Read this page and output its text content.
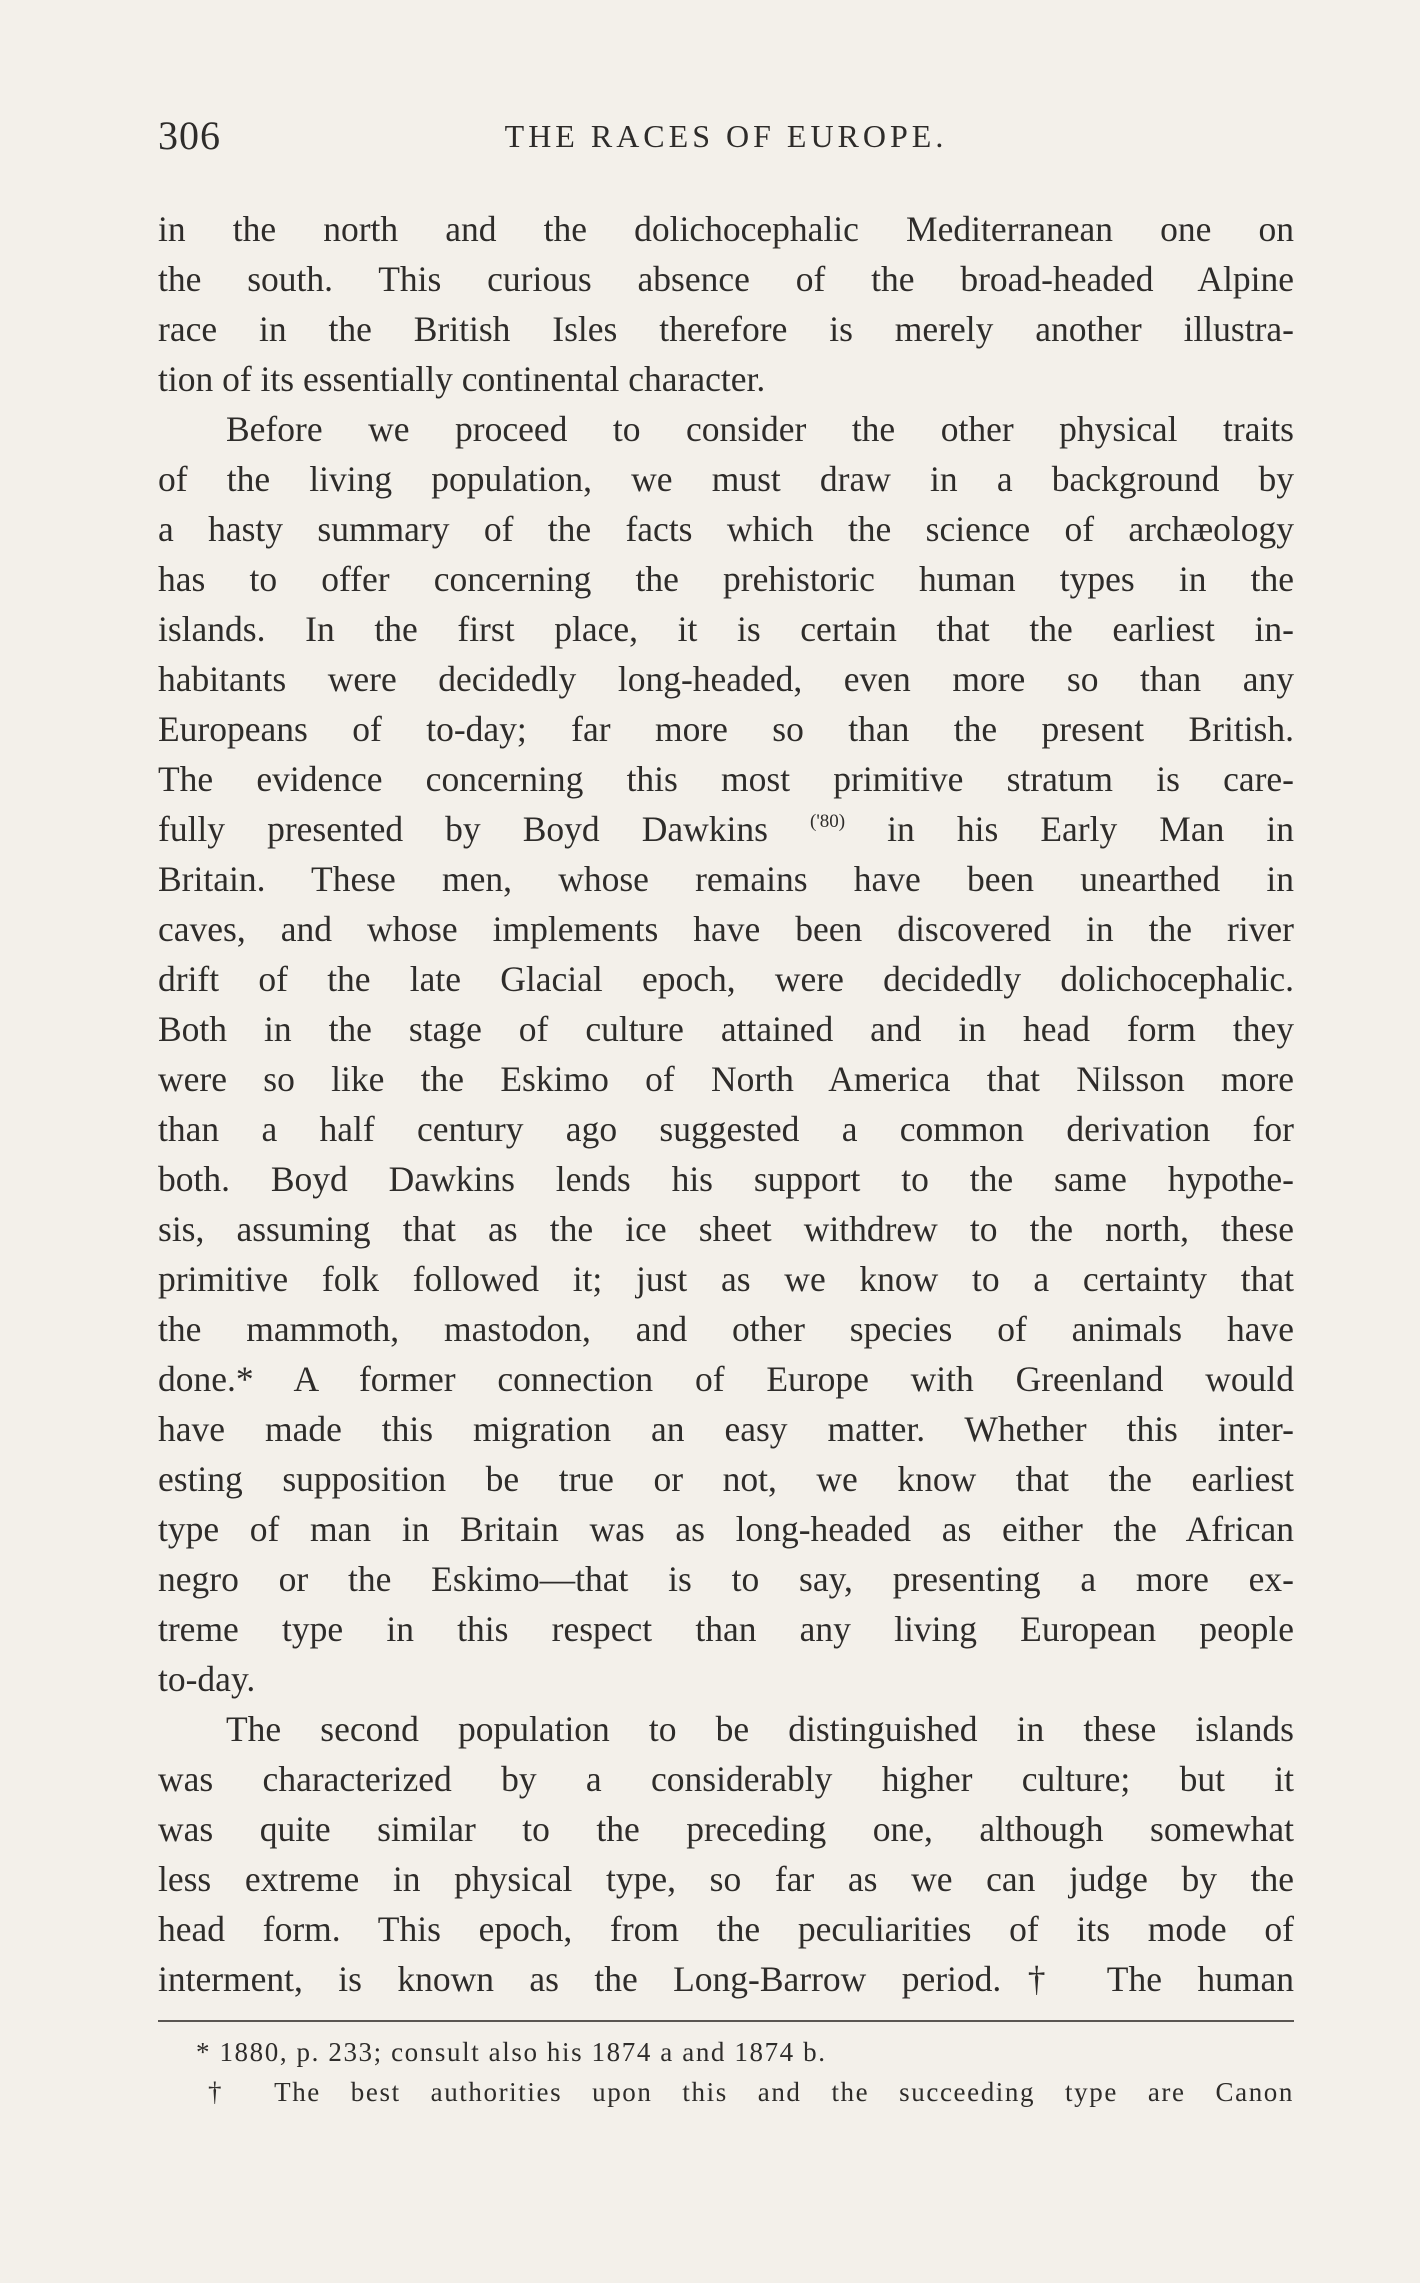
306	THE RACES OF EUROPE.

in the north and the dolichocephalic Mediterranean one on
the south. This curious absence of the broad-headed Alpine
race in the British Isles therefore is merely another illustra-
tion of its essentially continental character.

Before we proceed to consider the other physical traits
of the living population, we must draw in a background by
a hasty summary of the facts which the science of archæology
has to offer concerning the prehistoric human types in the
islands. In the first place, it is certain that the earliest in-
habitants were decidedly long-headed, even more so than any
Europeans of to-day; far more so than the present British.
The evidence concerning this most primitive stratum is care-
fully presented by Boyd Dawkins $^{('80)}$ in his Early Man in
Britain. These men, whose remains have been unearthed in
caves, and whose implements have been discovered in the river
drift of the late Glacial epoch, were decidedly dolichocephalic.
Both in the stage of culture attained and in head form they
were so like the Eskimo of North America that Nilsson more
than a half century ago suggested a common derivation for
both. Boyd Dawkins lends his support to the same hypothe-
sis, assuming that as the ice sheet withdrew to the north, these
primitive folk followed it; just as we know to a certainty that
the mammoth, mastodon, and other species of animals have
done.* A former connection of Europe with Greenland would
have made this migration an easy matter. Whether this inter-
esting supposition be true or not, we know that the earliest
type of man in Britain was as long-headed as either the African
negro or the Eskimo—that is to say, presenting a more ex-
treme type in this respect than any living European people
to-day.

The second population to be distinguished in these islands
was characterized by a considerably higher culture; but it
was quite similar to the preceding one, although somewhat
less extreme in physical type, so far as we can judge by the
head form. This epoch, from the peculiarities of its mode of
interment, is known as the Long-Barrow period.† The human

* 1880, p. 233; consult also his 1874 a and 1874 b.
† The best authorities upon this and the succeeding type are Canon
